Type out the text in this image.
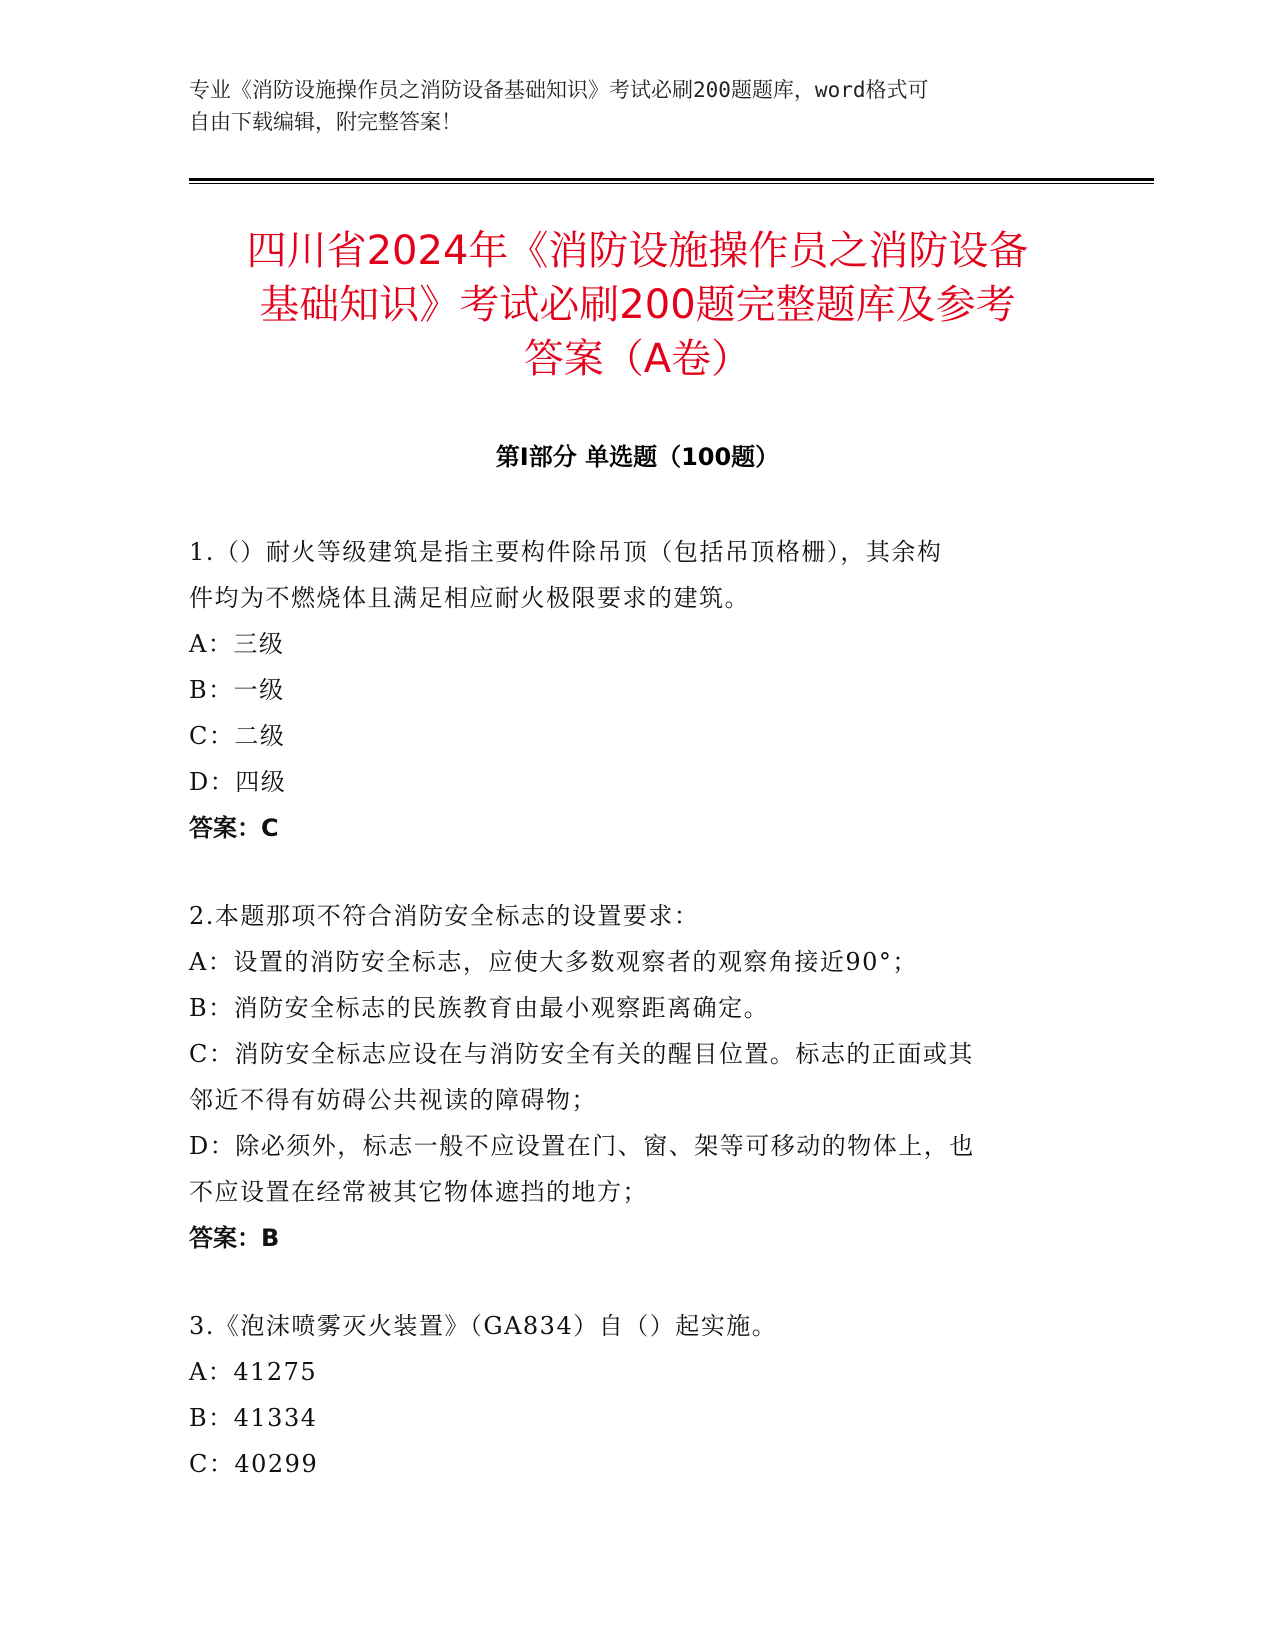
专业《消防设施操作员之消防设备基础知识》考试必刷200题题库，word格式可
自由下载编辑，附完整答案！
四川省2024年《消防设施操作员之消防设备
基础知识》考试必刷200题完整题库及参考
答案（A卷）
第Ⅰ部分 单选题（100题）

1.（）耐火等级建筑是指主要构件除吊顶（包括吊顶格栅），其余构

件均为不燃烧体且满足相应耐火极限要求的建筑。

A：三级

B：一级

C：二级

D：四级

答案：C

2.本题那项不符合消防安全标志的设置要求：

A：设置的消防安全标志，应使大多数观察者的观察角接近90°；

B：消防安全标志的民族教育由最小观察距离确定。

C：消防安全标志应设在与消防安全有关的醒目位置。标志的正面或其

邻近不得有妨碍公共视读的障碍物；

D：除必须外，标志一般不应设置在门、窗、架等可移动的物体上，也

不应设置在经常被其它物体遮挡的地方；

答案：B

3.《泡沫喷雾灭火装置》（GA834）自（）起实施。

A：41275

B：41334

C：40299
